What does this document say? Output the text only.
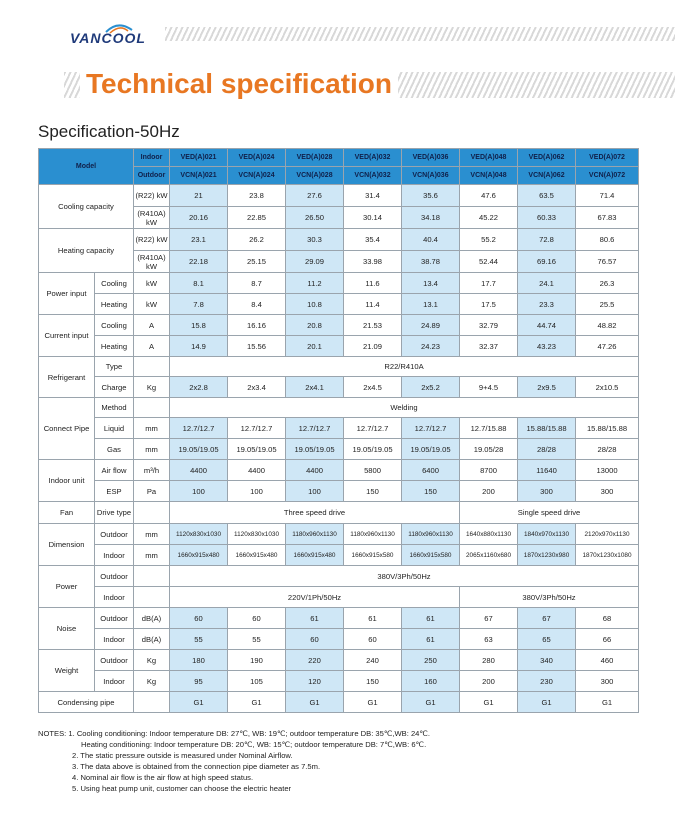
VANCOOL
Technical specification
Specification-50Hz
Model		Indoor	VED(A)021	VED(A)024	VED(A)028	VED(A)032	VED(A)036	VED(A)048	VED(A)062	VED(A)072
		Outdoor	VCN(A)021	VCN(A)024	VCN(A)028	VCN(A)032	VCN(A)036	VCN(A)048	VCN(A)062	VCN(A)072
Cooling capacity		(R22) kW	21	23.8	27.6	31.4	35.6	47.6	63.5	71.4
		(R410A) kW	20.16	22.85	26.50	30.14	34.18	45.22	60.33	67.83
Heating capacity		(R22) kW	23.1	26.2	30.3	35.4	40.4	55.2	72.8	80.6
		(R410A) kW	22.18	25.15	29.09	33.98	38.78	52.44	69.16	76.57
Power input	Cooling	kW	8.1	8.7	11.2	11.6	13.4	17.7	24.1	26.3
	Heating	kW	7.8	8.4	10.8	11.4	13.1	17.5	23.3	25.5
Current input	Cooling	A	15.8	16.16	20.8	21.53	24.89	32.79	44.74	48.82
	Heating	A	14.9	15.56	20.1	21.09	24.23	32.37	43.23	47.26
Refrigerant	Type		R22/R410A							
	Charge	Kg	2x2.8	2x3.4	2x4.1	2x4.5	2x5.2	9+4.5	2x9.5	2x10.5
Connect Pipe	Method		Welding							
	Liquid	mm	12.7/12.7	12.7/12.7	12.7/12.7	12.7/12.7	12.7/12.7	12.7/15.88	15.88/15.88	15.88/15.88
	Gas	mm	19.05/19.05	19.05/19.05	19.05/19.05	19.05/19.05	19.05/19.05	19.05/28	28/28	28/28
Indoor unit	Air flow	m³/h	4400	4400	4400	5800	6400	8700	11640	13000
	ESP	Pa	100	100	100	150	150	200	300	300
Fan	Drive type		Three speed drive					Single speed drive		
Dimension	Outdoor	mm	1120x830x1030	1120x830x1030	1180x960x1130	1180x960x1130	1180x960x1130	1640x880x1130	1840x970x1130	2120x970x1130
	Indoor	mm	1660x915x480	1660x915x480	1660x915x480	1660x915x580	1660x915x580	2065x1160x680	1870x1230x980	1870x1230x1080
Power	Outdoor		380V/3Ph/50Hz							
	Indoor		220V/1Ph/50Hz					380V/3Ph/50Hz		
Noise	Outdoor	dB(A)	60	60	61	61	61	67	67	68
	Indoor	dB(A)	55	55	60	60	61	63	65	66
Weight	Outdoor	Kg	180	190	220	240	250	280	340	460
	Indoor	Kg	95	105	120	150	160	200	230	300
Condensing pipe			G1	G1	G1	G1	G1	G1	G1	G1
NOTES: 1. Cooling conditioning: Indoor temperature DB: 27℃, WB: 19℃; outdoor temperature DB: 35℃,WB: 24℃.
Heating conditioning: Indoor temperature DB: 20℃, WB: 15℃; outdoor temperature DB: 7℃,WB: 6℃.
2. The static pressure outside is measured under Nominal Airflow.
3. The data above is obtained from the connection pipe diameter as 7.5m.
4. Nominal air flow is the air flow at high speed status.
5. Using heat pump unit, customer can choose the electric heater
